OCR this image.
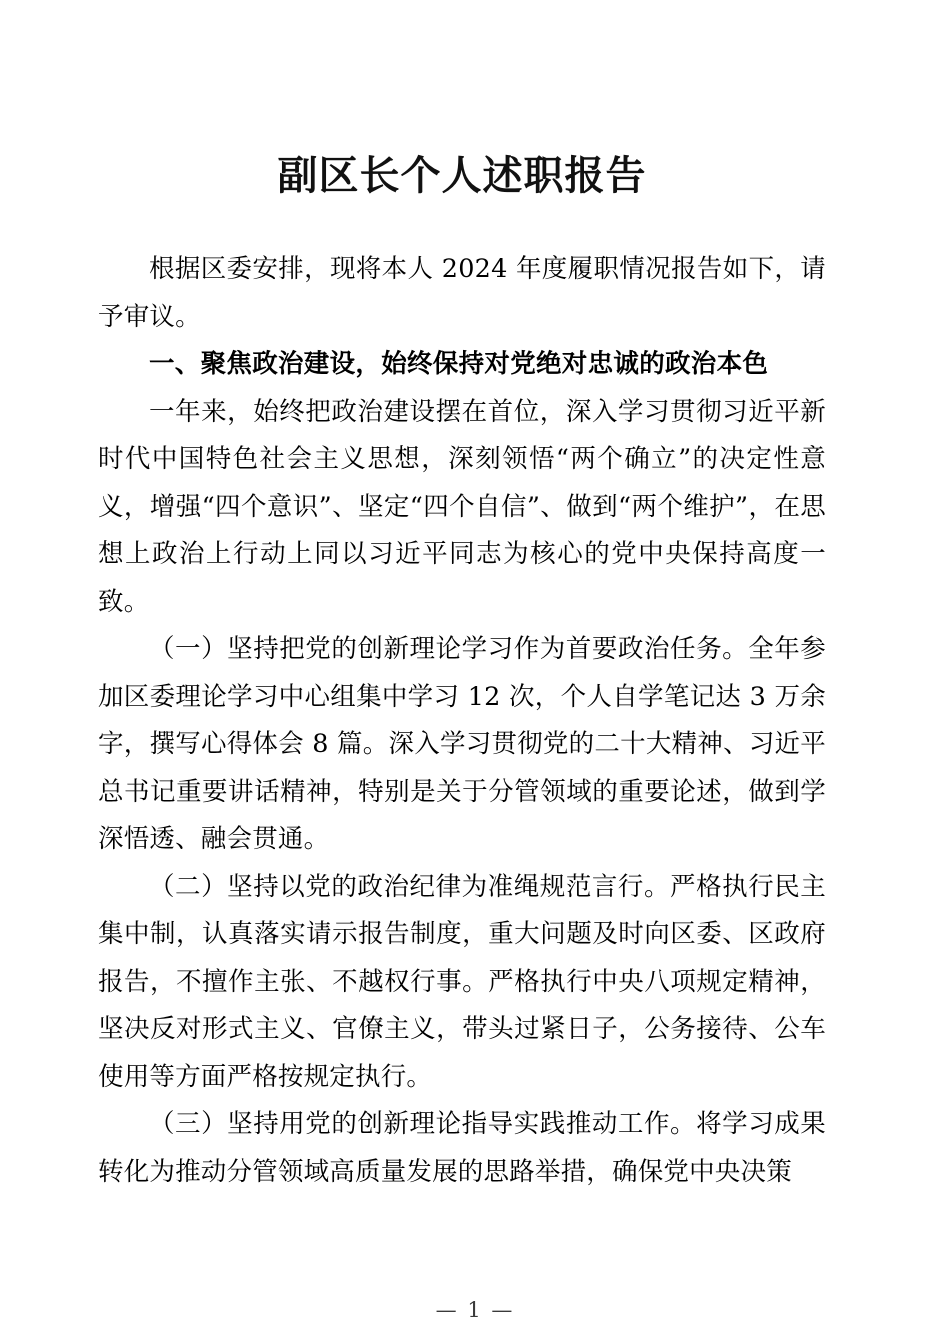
副区长个人述职报告

根据区委安排，现将本人 2024 年度履职情况报告如下，请予审议。

一、聚焦政治建设，始终保持对党绝对忠诚的政治本色

一年来，始终把政治建设摆在首位，深入学习贯彻习近平新时代中国特色社会主义思想，深刻领悟“两个确立”的决定性意义，增强“四个意识”、坚定“四个自信”、做到“两个维护”，在思想上政治上行动上同以习近平同志为核心的党中央保持高度一致。

（一）坚持把党的创新理论学习作为首要政治任务。全年参加区委理论学习中心组集中学习 12 次，个人自学笔记达 3 万余字，撰写心得体会 8 篇。深入学习贯彻党的二十大精神、习近平总书记重要讲话精神，特别是关于分管领域的重要论述，做到学深悟透、融会贯通。

（二）坚持以党的政治纪律为准绳规范言行。严格执行民主集中制，认真落实请示报告制度，重大问题及时向区委、区政府报告，不擅作主张、不越权行事。严格执行中央八项规定精神，坚决反对形式主义、官僚主义，带头过紧日子，公务接待、公车使用等方面严格按规定执行。

（三）坚持用党的创新理论指导实践推动工作。将学习成果转化为推动分管领域高质量发展的思路举措，确保党中央决策

— 1 —
